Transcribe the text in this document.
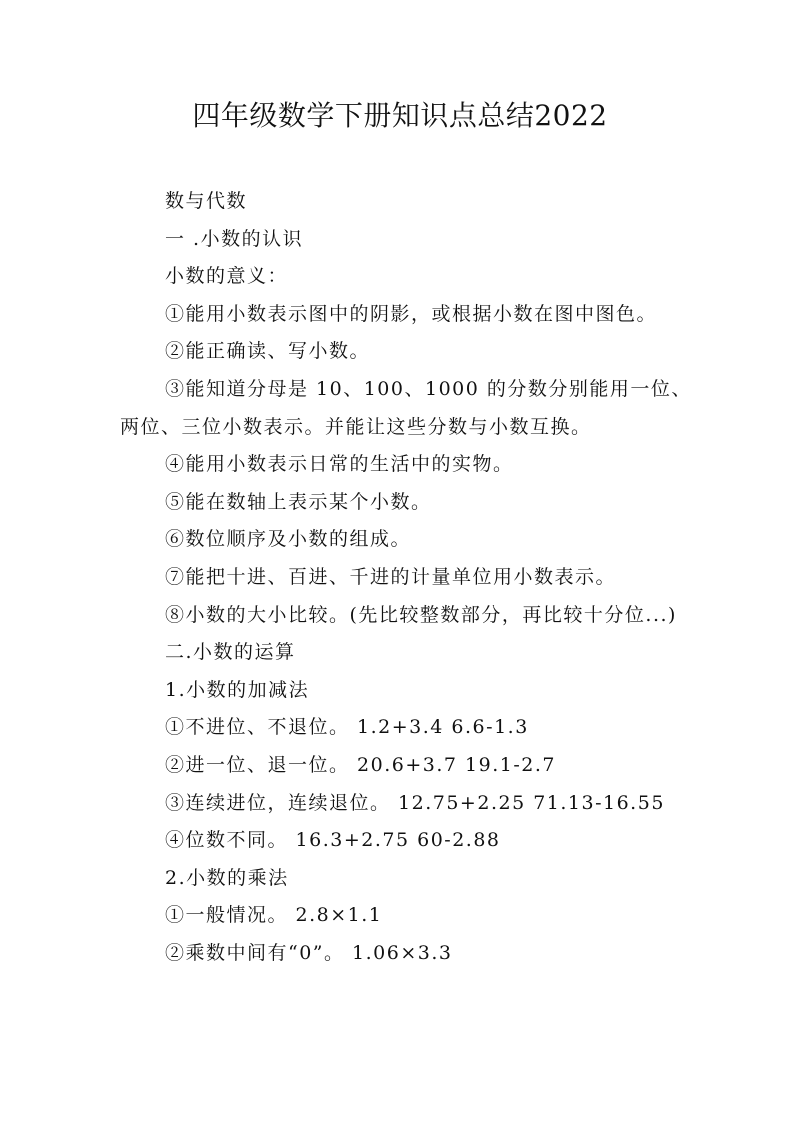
四年级数学下册知识点总结2022

数与代数

一 .小数的认识

小数的意义：

①能用小数表示图中的阴影，或根据小数在图中图色。

②能正确读、写小数。

③能知道分母是 10、100、1000 的分数分别能用一位、两位、三位小数表示。并能让这些分数与小数互换。

④能用小数表示日常的生活中的实物。

⑤能在数轴上表示某个小数。

⑥数位顺序及小数的组成。

⑦能把十进、百进、千进的计量单位用小数表示。

⑧小数的大小比较。(先比较整数部分，再比较十分位...)

二.小数的运算

1.小数的加减法

①不进位、不退位。 1.2+3.4 6.6-1.3

②进一位、退一位。 20.6+3.7 19.1-2.7

③连续进位，连续退位。 12.75+2.25 71.13-16.55

④位数不同。 16.3+2.75 60-2.88

2.小数的乘法

①一般情况。 2.8×1.1

②乘数中间有“0”。 1.06×3.3
